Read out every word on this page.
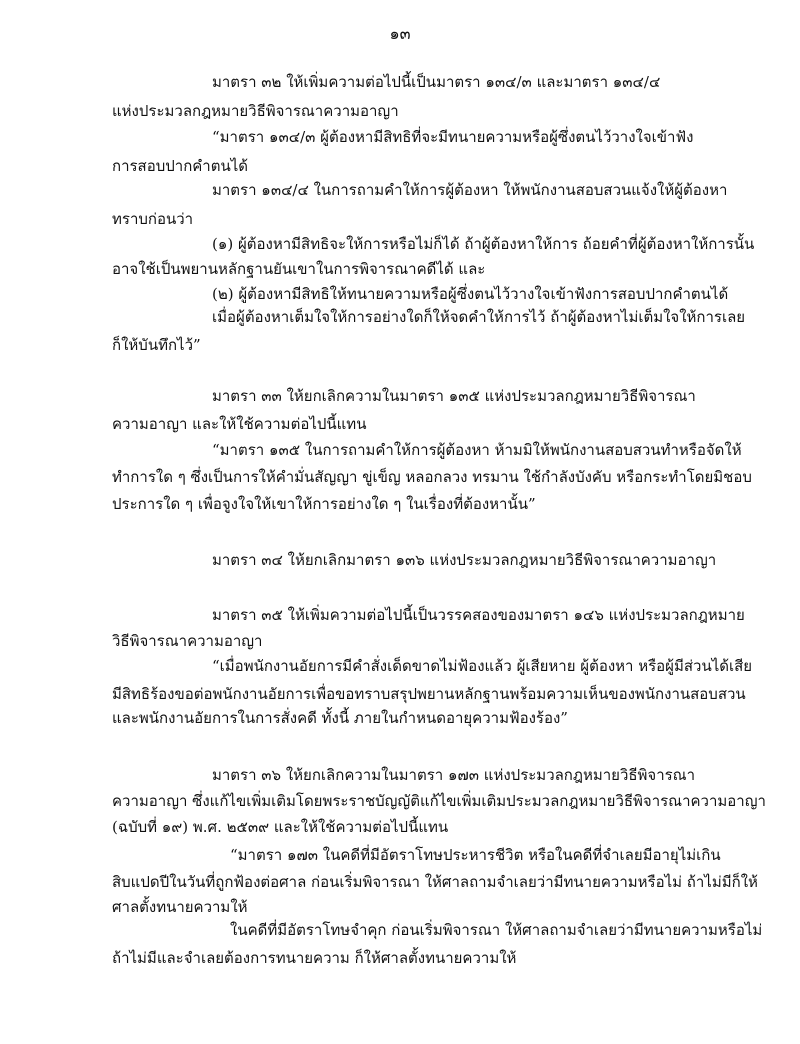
๑๓
มาตรา ๓๒ ให้เพิ่มความต่อไปนี้เป็นมาตรา ๑๓๔/๓ และมาตรา ๑๓๔/๔
แห่งประมวลกฎหมายวิธีพิจารณาความอาญา
“มาตรา ๑๓๔/๓ ผู้ต้องหามีสิทธิที่จะมีทนายความหรือผู้ซึ่งตนไว้วางใจเข้าฟัง
การสอบปากคำตนได้
มาตรา ๑๓๔/๔ ในการถามคำให้การผู้ต้องหา ให้พนักงานสอบสวนแจ้งให้ผู้ต้องหา
ทราบก่อนว่า
(๑) ผู้ต้องหามีสิทธิจะให้การหรือไม่ก็ได้ ถ้าผู้ต้องหาให้การ ถ้อยคำที่ผู้ต้องหาให้การนั้น
อาจใช้เป็นพยานหลักฐานยันเขาในการพิจารณาคดีได้ และ
(๒) ผู้ต้องหามีสิทธิให้ทนายความหรือผู้ซึ่งตนไว้วางใจเข้าฟังการสอบปากคำตนได้
เมื่อผู้ต้องหาเต็มใจให้การอย่างใดก็ให้จดคำให้การไว้ ถ้าผู้ต้องหาไม่เต็มใจให้การเลย
ก็ให้บันทึกไว้”
มาตรา ๓๓ ให้ยกเลิกความในมาตรา ๑๓๕ แห่งประมวลกฎหมายวิธีพิจารณา
ความอาญา และให้ใช้ความต่อไปนี้แทน
“มาตรา ๑๓๕ ในการถามคำให้การผู้ต้องหา ห้ามมิให้พนักงานสอบสวนทำหรือจัดให้
ทำการใด ๆ ซึ่งเป็นการให้คำมั่นสัญญา ขู่เข็ญ หลอกลวง ทรมาน ใช้กำลังบังคับ หรือกระทำโดยมิชอบ
ประการใด ๆ เพื่อจูงใจให้เขาให้การอย่างใด ๆ ในเรื่องที่ต้องหานั้น”
มาตรา ๓๔ ให้ยกเลิกมาตรา ๑๓๖ แห่งประมวลกฎหมายวิธีพิจารณาความอาญา
มาตรา ๓๕ ให้เพิ่มความต่อไปนี้เป็นวรรคสองของมาตรา ๑๔๖ แห่งประมวลกฎหมาย
วิธีพิจารณาความอาญา
“เมื่อพนักงานอัยการมีคำสั่งเด็ดขาดไม่ฟ้องแล้ว ผู้เสียหาย ผู้ต้องหา หรือผู้มีส่วนได้เสีย
มีสิทธิร้องขอต่อพนักงานอัยการเพื่อขอทราบสรุปพยานหลักฐานพร้อมความเห็นของพนักงานสอบสวน
และพนักงานอัยการในการสั่งคดี ทั้งนี้ ภายในกำหนดอายุความฟ้องร้อง”
มาตรา ๓๖ ให้ยกเลิกความในมาตรา ๑๗๓ แห่งประมวลกฎหมายวิธีพิจารณา
ความอาญา ซึ่งแก้ไขเพิ่มเติมโดยพระราชบัญญัติแก้ไขเพิ่มเติมประมวลกฎหมายวิธีพิจารณาความอาญา
(ฉบับที่ ๑๙) พ.ศ. ๒๕๓๙ และให้ใช้ความต่อไปนี้แทน
“มาตรา ๑๗๓ ในคดีที่มีอัตราโทษประหารชีวิต หรือในคดีที่จำเลยมีอายุไม่เกิน
สิบแปดปีในวันที่ถูกฟ้องต่อศาล ก่อนเริ่มพิจารณา ให้ศาลถามจำเลยว่ามีทนายความหรือไม่ ถ้าไม่มีก็ให้
ศาลตั้งทนายความให้
ในคดีที่มีอัตราโทษจำคุก ก่อนเริ่มพิจารณา ให้ศาลถามจำเลยว่ามีทนายความหรือไม่
ถ้าไม่มีและจำเลยต้องการทนายความ ก็ให้ศาลตั้งทนายความให้
